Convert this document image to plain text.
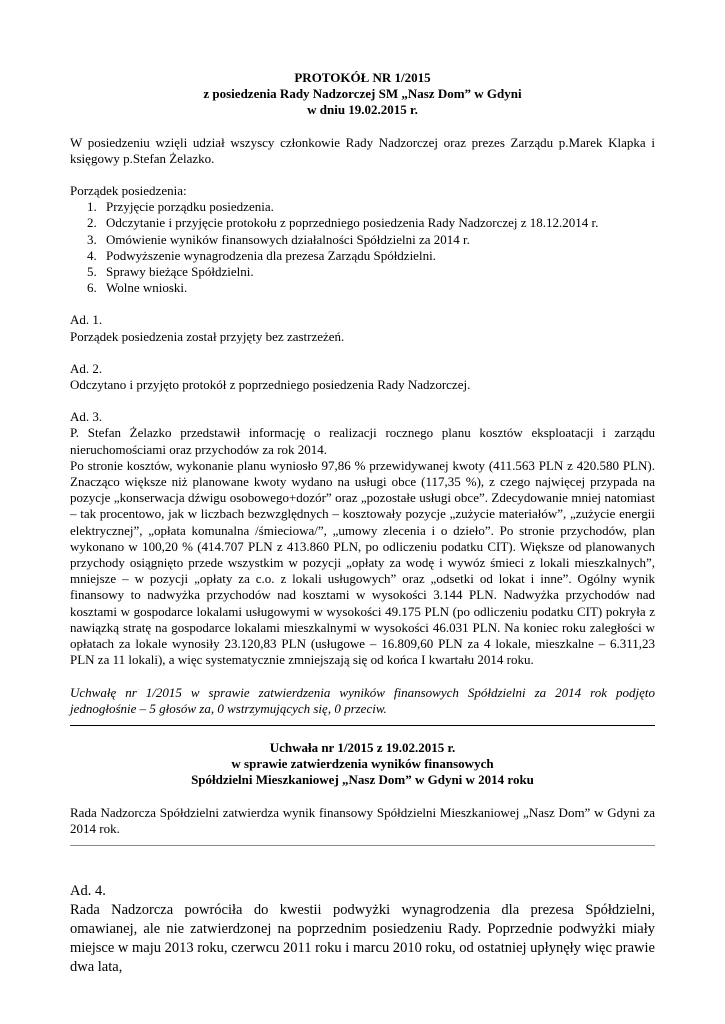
PROTOKÓŁ NR 1/2015

z posiedzenia Rady Nadzorczej SM „Nasz Dom” w Gdyni

w dniu 19.02.2015 r.

W posiedzeniu wzięli udział wszyscy członkowie Rady Nadzorczej oraz prezes Zarządu p.Marek Klapka i księgowy p.Stefan Żelazko.

Porządek posiedzenia:

1. Przyjęcie porządku posiedzenia.
2. Odczytanie i przyjęcie protokołu z poprzedniego posiedzenia Rady Nadzorczej z 18.12.2014 r.
3. Omówienie wyników finansowych działalności Spółdzielni za 2014 r.
4. Podwyższenie wynagrodzenia dla prezesa Zarządu Spółdzielni.
5. Sprawy bieżące Spółdzielni.
6. Wolne wnioski.

Ad. 1.

Porządek posiedzenia został przyjęty bez zastrzeżeń.

Ad. 2.

Odczytano i przyjęto protokół z poprzedniego posiedzenia Rady Nadzorczej.

Ad. 3.

P. Stefan Żelazko przedstawił informację o realizacji rocznego planu kosztów eksploatacji i zarządu nieruchomościami oraz przychodów za rok 2014.

Po stronie kosztów, wykonanie planu wyniosło 97,86 % przewidywanej kwoty (411.563 PLN z 420.580 PLN). Znacząco większe niż planowane kwoty wydano na usługi obce (117,35 %), z czego najwięcej przypada na pozycje „konserwacja dźwigu osobowego+dozór” oraz „pozostałe usługi obce”. Zdecydowanie mniej natomiast – tak procentowo, jak w liczbach bezwzględnych – kosztowały pozycje „zużycie materiałów”, „zużycie energii elektrycznej”, „opłata komunalna /śmieciowa/”, „umowy zlecenia i o dzieło”. Po stronie przychodów, plan wykonano w 100,20 % (414.707 PLN z 413.860 PLN, po odliczeniu podatku CIT). Większe od planowanych przychody osiągnięto przede wszystkim w pozycji „opłaty za wodę i wywóz śmieci z lokali mieszkalnych”, mniejsze – w pozycji „opłaty za c.o. z lokali usługowych” oraz „odsetki od lokat i inne”. Ogólny wynik finansowy to nadwyżka przychodów nad kosztami w wysokości 3.144 PLN. Nadwyżka przychodów nad kosztami w gospodarce lokalami usługowymi w wysokości 49.175 PLN (po odliczeniu podatku CIT) pokryła z nawiązką stratę na gospodarce lokalami mieszkalnymi w wysokości 46.031 PLN. Na koniec roku zaległości w opłatach za lokale wynosiły 23.120,83 PLN (usługowe – 16.809,60 PLN za 4 lokale, mieszkalne – 6.311,23 PLN za 11 lokali), a więc systematycznie zmniejszają się od końca I kwartału 2014 roku.

Uchwałę nr 1/2015 w sprawie zatwierdzenia wyników finansowych Spółdzielni za 2014 rok podjęto jednogłośnie – 5 głosów za, 0 wstrzymujących się, 0 przeciw.

Uchwała nr 1/2015 z 19.02.2015 r.

w sprawie zatwierdzenia wyników finansowych

Spółdzielni Mieszkaniowej „Nasz Dom” w Gdyni w 2014 roku

Rada Nadzorcza Spółdzielni zatwierdza wynik finansowy Spółdzielni Mieszkaniowej „Nasz Dom” w Gdyni za 2014 rok.

Ad. 4.

Rada Nadzorcza powróciła do kwestii podwyżki wynagrodzenia dla prezesa Spółdzielni, omawianej, ale nie zatwierdzonej na poprzednim posiedzeniu Rady. Poprzednie podwyżki miały miejsce w maju 2013 roku, czerwcu 2011 roku i marcu 2010 roku, od ostatniej upłynęły więc prawie dwa lata,
